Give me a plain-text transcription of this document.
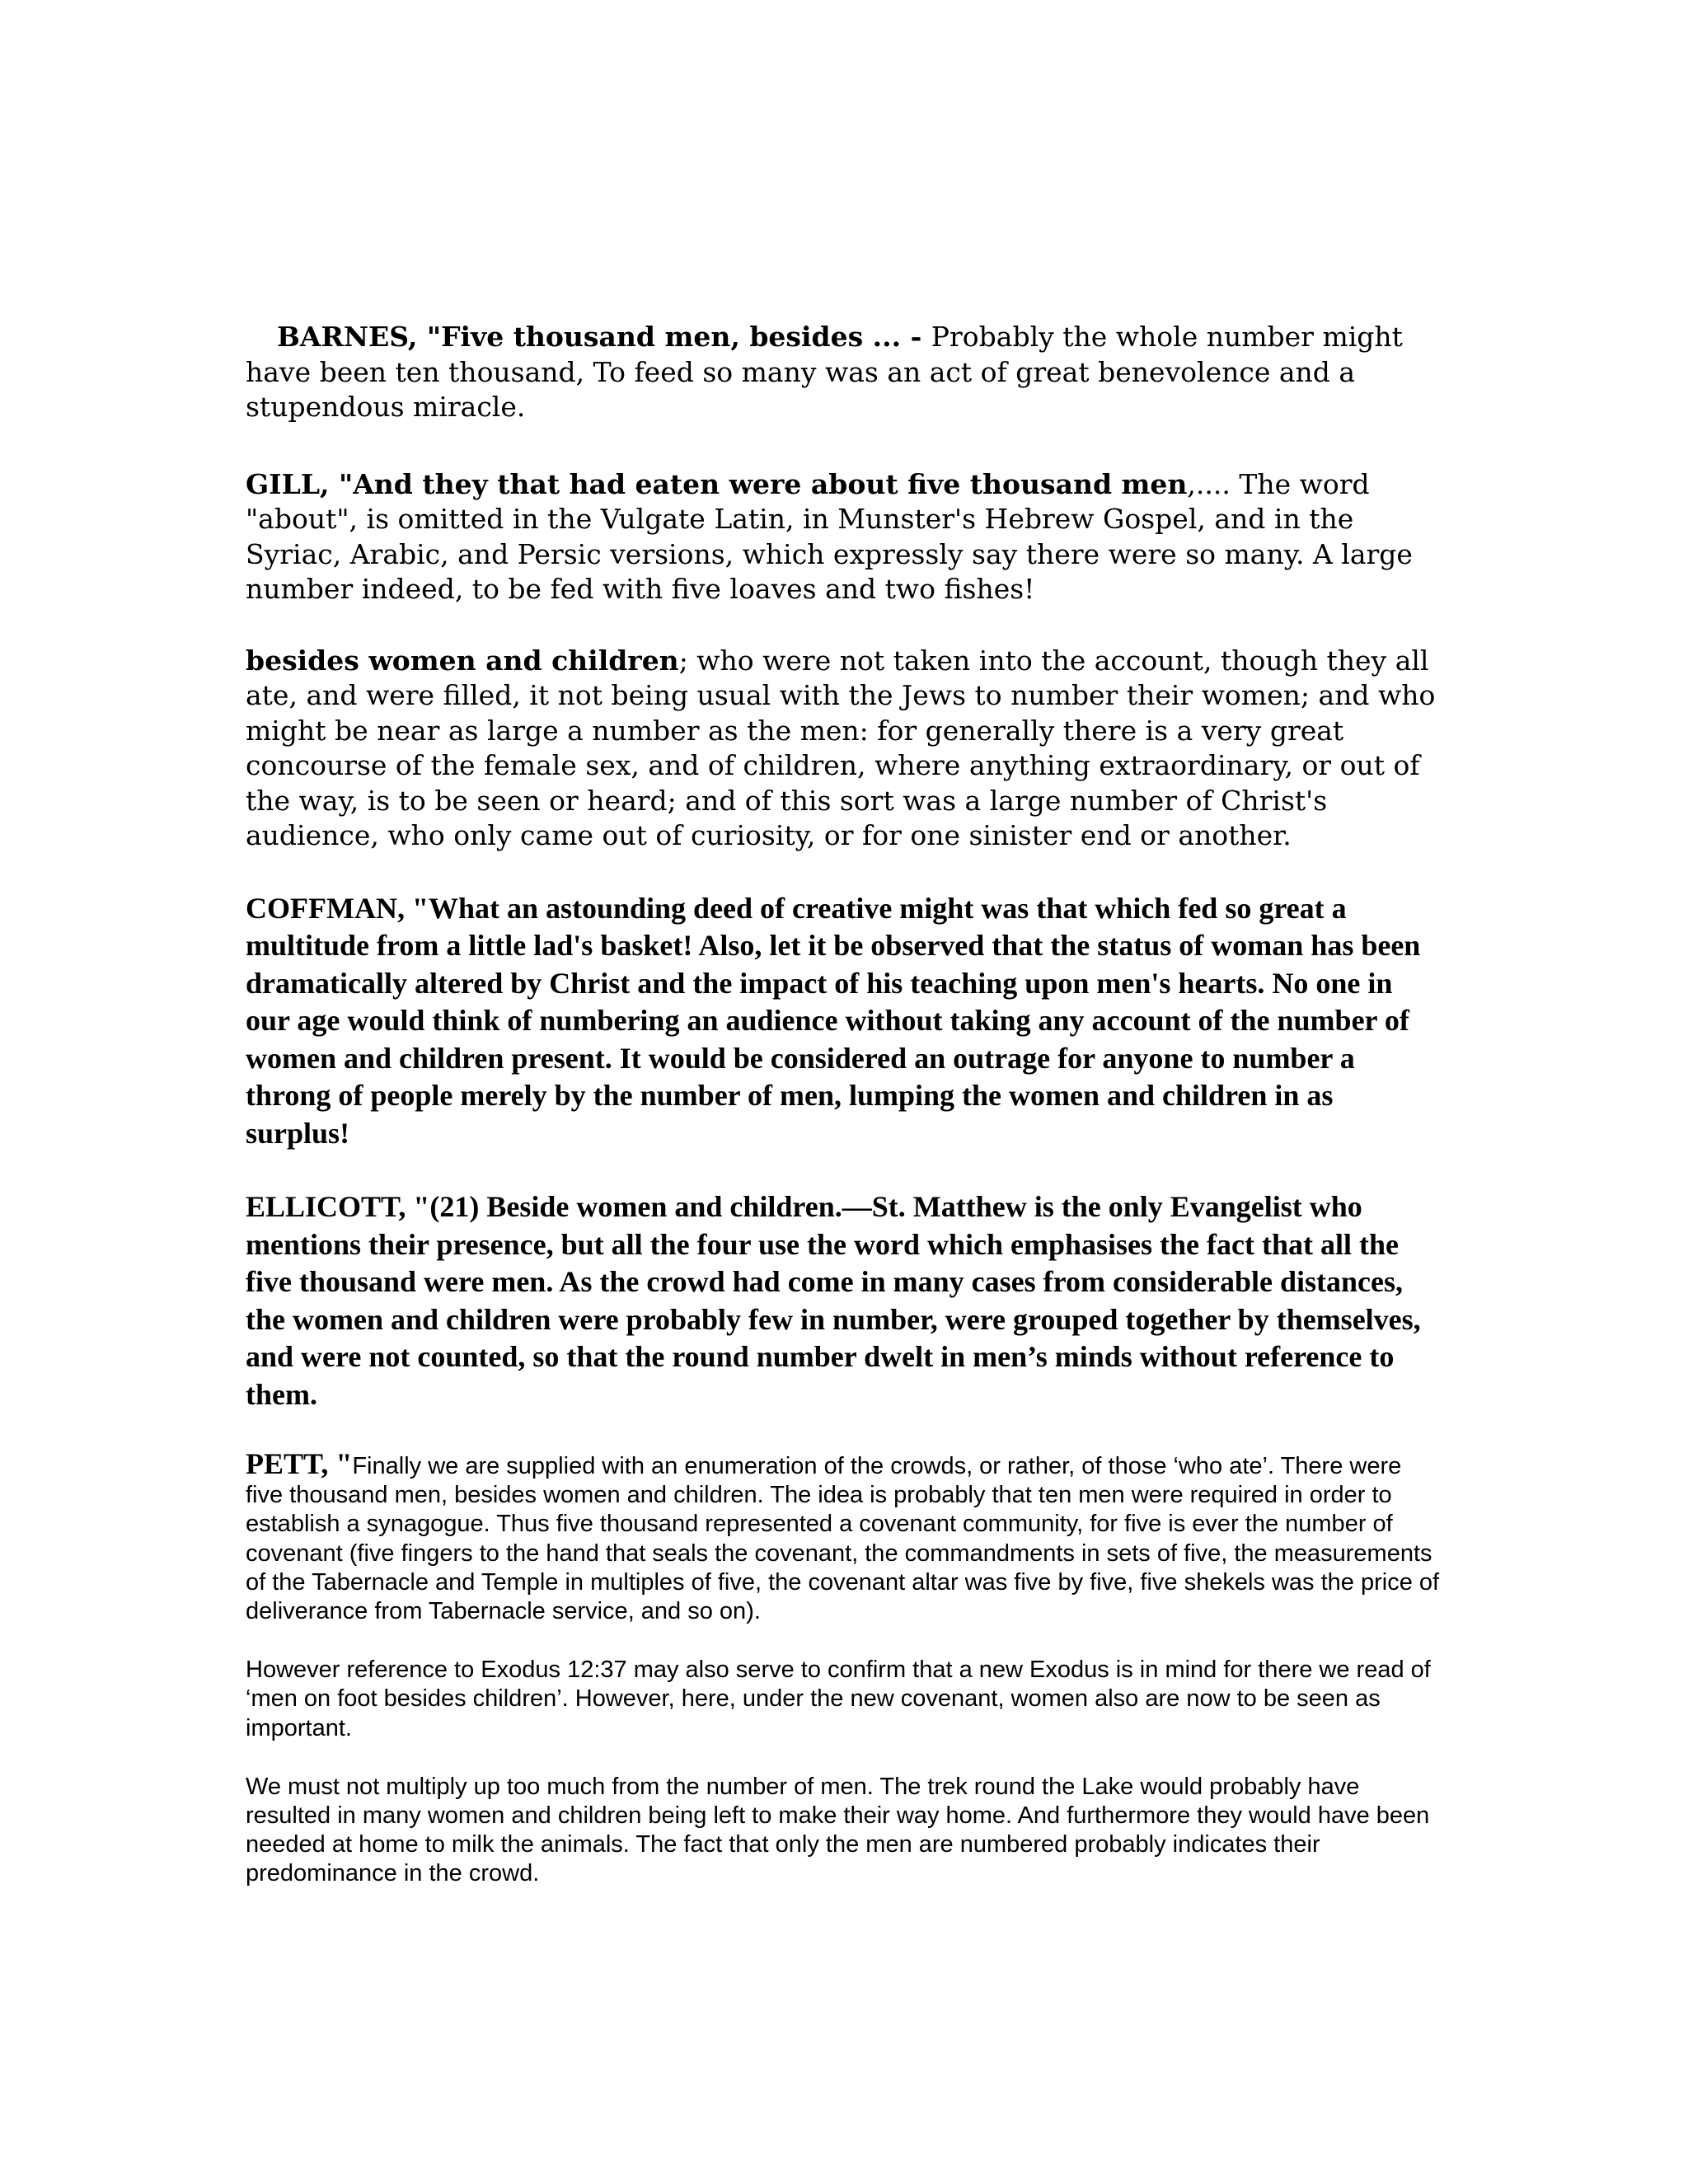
BARNES, "Five thousand men, besides ... - Probably the whole number might have been ten thousand, To feed so many was an act of great benevolence and a stupendous miracle.

GILL, "And they that had eaten were about five thousand men,.... The word "about", is omitted in the Vulgate Latin, in Munster's Hebrew Gospel, and in the Syriac, Arabic, and Persic versions, which expressly say there were so many. A large number indeed, to be fed with five loaves and two fishes!

besides women and children; who were not taken into the account, though they all ate, and were filled, it not being usual with the Jews to number their women; and who might be near as large a number as the men: for generally there is a very great concourse of the female sex, and of children, where anything extraordinary, or out of the way, is to be seen or heard; and of this sort was a large number of Christ's audience, who only came out of curiosity, or for one sinister end or another.

COFFMAN, "What an astounding deed of creative might was that which fed so great a multitude from a little lad's basket! Also, let it be observed that the status of woman has been dramatically altered by Christ and the impact of his teaching upon men's hearts. No one in our age would think of numbering an audience without taking any account of the number of women and children present. It would be considered an outrage for anyone to number a throng of people merely by the number of men, lumping the women and children in as surplus!

ELLICOTT, "(21) Beside women and children.—St. Matthew is the only Evangelist who mentions their presence, but all the four use the word which emphasises the fact that all the five thousand were men. As the crowd had come in many cases from considerable distances, the women and children were probably few in number, were grouped together by themselves, and were not counted, so that the round number dwelt in men’s minds without reference to them.

PETT, "Finally we are supplied with an enumeration of the crowds, or rather, of those ‘who ate’. There were five thousand men, besides women and children. The idea is probably that ten men were required in order to establish a synagogue. Thus five thousand represented a covenant community, for five is ever the number of covenant (five fingers to the hand that seals the covenant, the commandments in sets of five, the measurements of the Tabernacle and Temple in multiples of five, the covenant altar was five by five, five shekels was the price of deliverance from Tabernacle service, and so on).

However reference to Exodus 12:37 may also serve to confirm that a new Exodus is in mind for there we read of ‘men on foot besides children’. However, here, under the new covenant, women also are now to be seen as important.

We must not multiply up too much from the number of men. The trek round the Lake would probably have resulted in many women and children being left to make their way home. And furthermore they would have been needed at home to milk the animals. The fact that only the men are numbered probably indicates their predominance in the crowd.
